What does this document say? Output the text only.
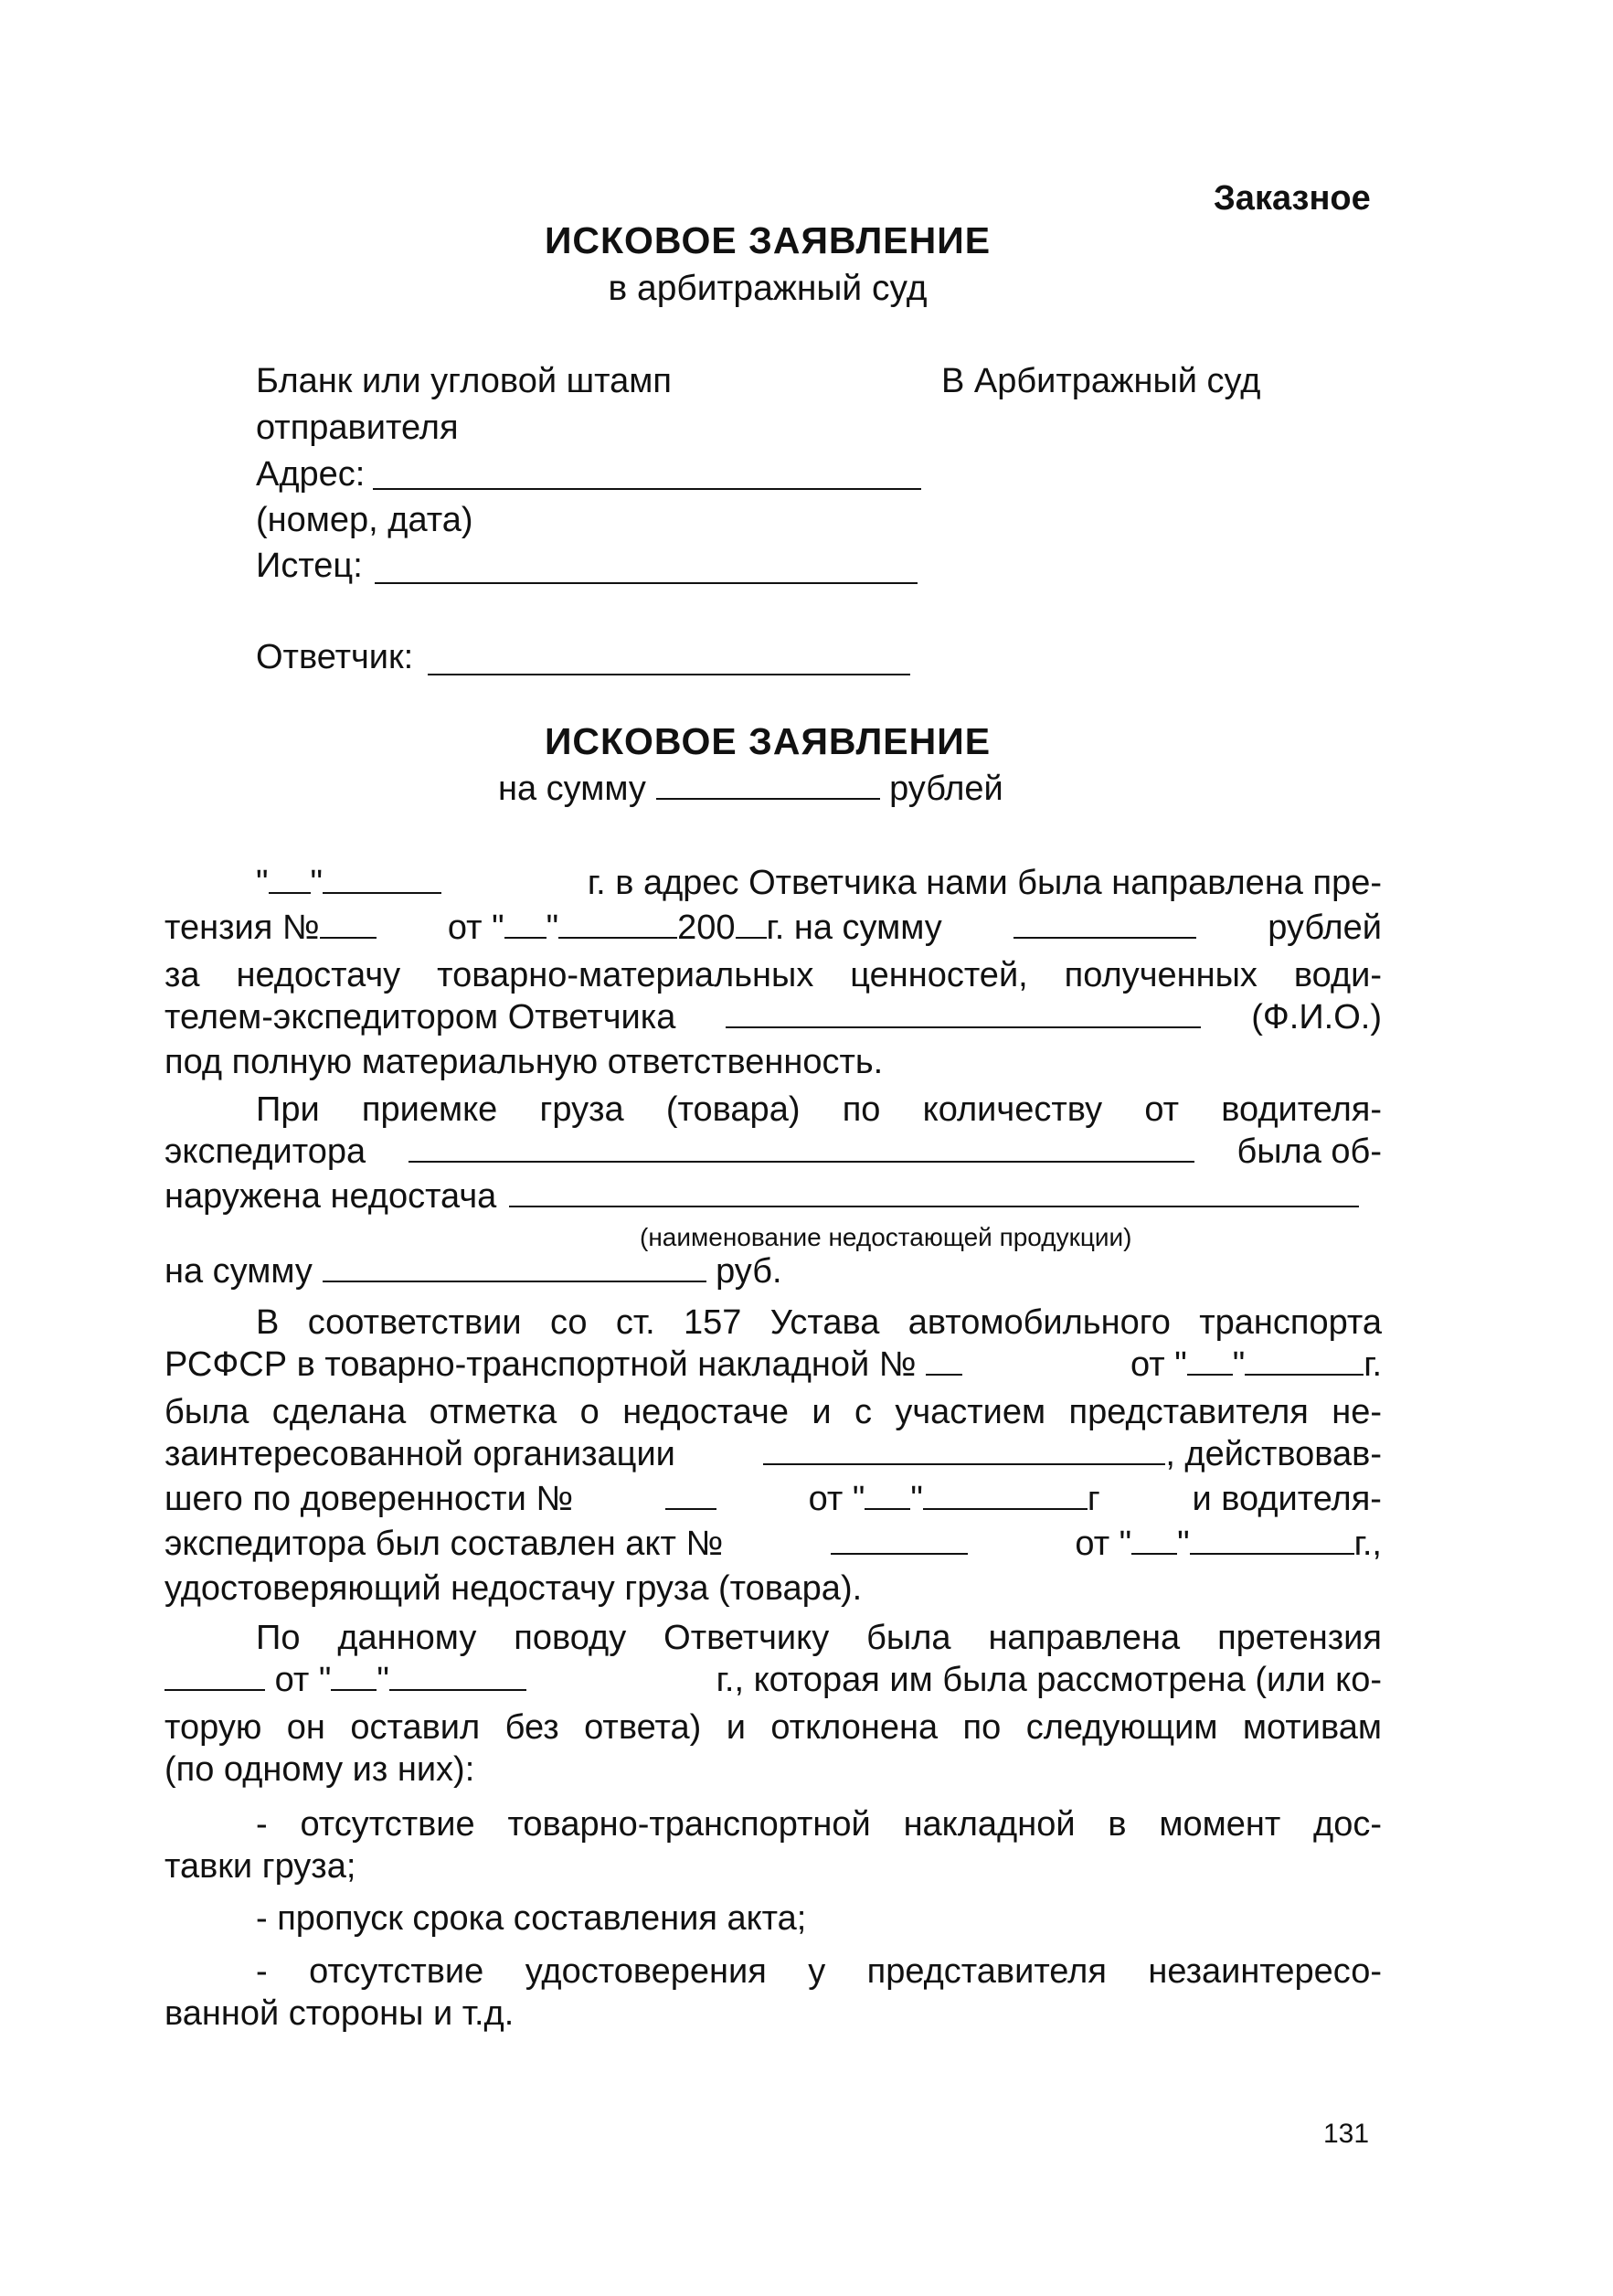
Заказное
ИСКОВОЕ ЗАЯВЛЕНИЕ
в арбитражный суд
Бланк или угловой штамп
отправителя
Адрес:
(номер, дата)
Истец:
Ответчик:
В Арбитражный суд
ИСКОВОЕ ЗАЯВЛЕНИЕ
на сумму	рублей
" "	г. в адрес Ответчика нами была направлена пре-
тензия №	от " "	200 г. на сумму	рублей
за недостачу товарно-материальных ценностей, полученных води-
телем-экспедитором Ответчика	(Ф.И.О.)
под полную материальную ответственность.
При приемке груза (товара) по количеству от водителя-
экспедитора	была об-
наружена недостача
(наименование недостающей продукции)
на сумму	руб.
В соответствии со ст. 157 Устава автомобильного транспорта
РСФСР в товарно-транспортной накладной №	от " "	г.
была сделана отметка о недостаче и с участием представителя не-
заинтересованной организации	, действовав-
шего по доверенности №	от " "	г	и водителя-
экспедитора был составлен акт №	от " "	г.,
удостоверяющий недостачу груза (товара).
По данному поводу Ответчику была направлена претензия
от " "	г., которая им была рассмотрена (или ко-
торую он оставил без ответа) и отклонена по следующим мотивам
(по одному из них):
- отсутствие товарно-транспортной накладной в момент дос-
тавки груза;
- пропуск срока составления акта;
- отсутствие удостоверения у представителя незаинтересо-
ванной стороны и т.д.
131
